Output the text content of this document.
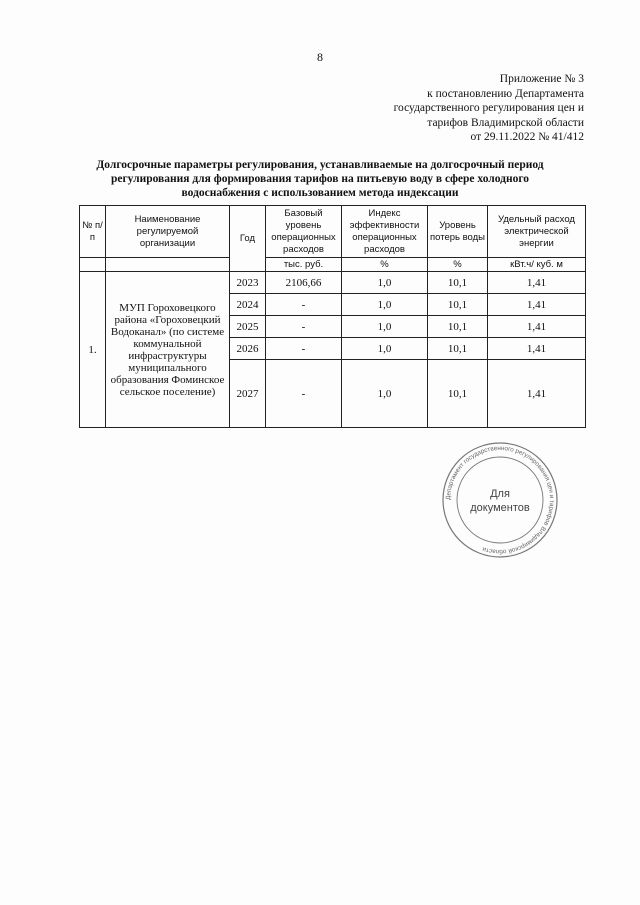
8
Приложение № 3
к постановлению Департамента
государственного регулирования цен и
тарифов Владимирской области
от 29.11.2022 № 41/412
Долгосрочные параметры регулирования, устанавливаемые на долгосрочный период
регулирования для формирования тарифов на питьевую воду в сфере холодного
водоснабжения с использованием метода индексации
№ п/п	Наименование регулируемой организации	Год	Базовый уровень операционных расходов	Индекс эффективности операционных расходов	Уровень потерь воды	Удельный расход электрической энергии
			тыс. руб.	%	%	кВт.ч/ куб. м
1.	МУП Гороховецкого района «Гороховецкий Водоканал» (по системе коммунальной инфраструктуры муниципального образования Фоминское сельское поселение)	2023	2106,66	1,0	10,1	1,41
		2024	-	1,0	10,1	1,41
		2025	-	1,0	10,1	1,41
		2026	-	1,0	10,1	1,41
		2027	-	1,0	10,1	1,41
Департамент государственного регулирования цен и тарифов Владимирской области
Для
документов
